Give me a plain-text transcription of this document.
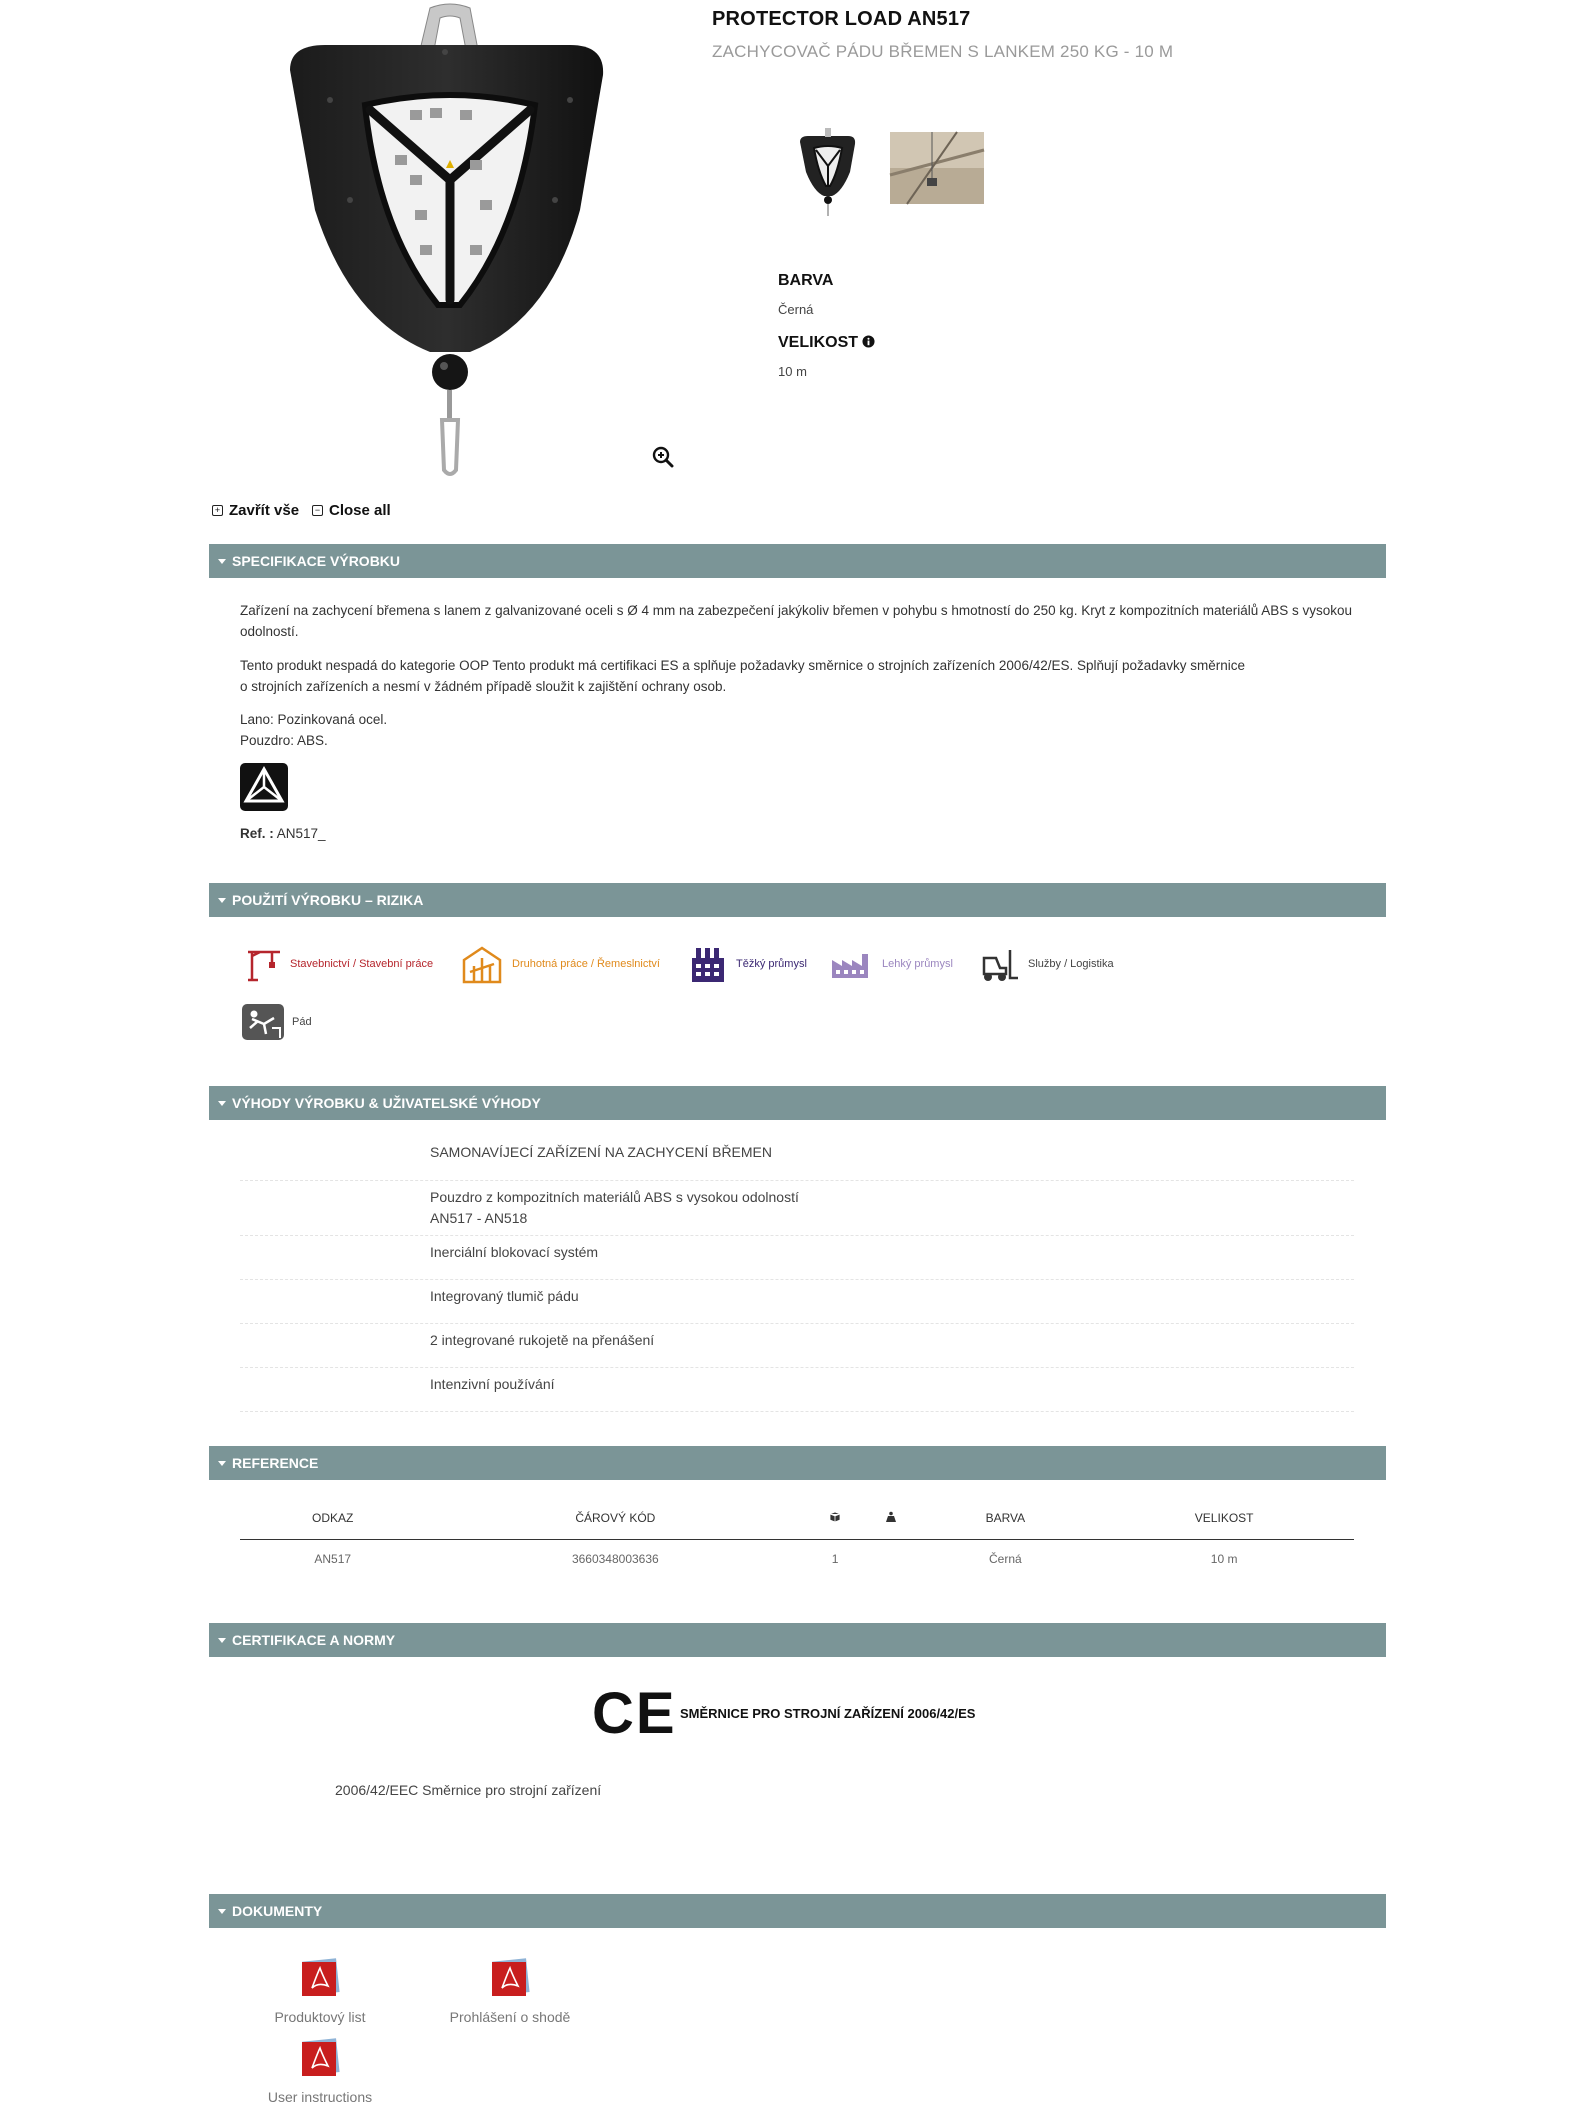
PROTECTOR LOAD AN517
ZACHYCOVAČ PÁDU BŘEMEN S LANKEM 250 KG - 10 M
BARVA
Černá
VELIKOST
10 m
+ Zavřít vše	− Close all
SPECIFIKACE VÝROBKU
Zařízení na zachycení břemena s lanem z galvanizované oceli s Ø 4 mm na zabezpečení jakýkoliv břemen v pohybu s hmotností do 250 kg. Kryt z kompozitních materiálů ABS s vysokou odolností.
Tento produkt nespadá do kategorie OOP Tento produkt má certifikaci ES a splňuje požadavky směrnice o strojních zařízeních 2006/42/ES. Splňují požadavky směrnice
o strojních zařízeních a nesmí v žádném případě sloužit k zajištění ochrany osob.
Lano: Pozinkovaná ocel.
Pouzdro: ABS.
Ref. : AN517_
POUŽITÍ VÝROBKU – RIZIKA
Stavebnictví / Stavební práce	Druhotná práce / Řemeslnictví	Těžký průmysl	Lehký průmysl	Služby / Logistika
Pád
VÝHODY VÝROBKU & UŽIVATELSKÉ VÝHODY
SAMONAVÍJECÍ ZAŘÍZENÍ NA ZACHYCENÍ BŘEMEN
Pouzdro z kompozitních materiálů ABS s vysokou odolností
AN517 - AN518
Inerciální blokovací systém
Integrovaný tlumič pádu
2 integrované rukojetě na přenášení
Intenzivní používání
REFERENCE
ODKAZ	ČÁROVÝ KÓD			BARVA	VELIKOST
AN517	3660348003636	1		Černá	10 m
CERTIFIKACE A NORMY
CE SMĚRNICE PRO STROJNÍ ZAŘÍZENÍ 2006/42/ES
2006/42/EEC Směrnice pro strojní zařízení
DOKUMENTY
Produktový list	Prohlášení o shodě
User instructions
